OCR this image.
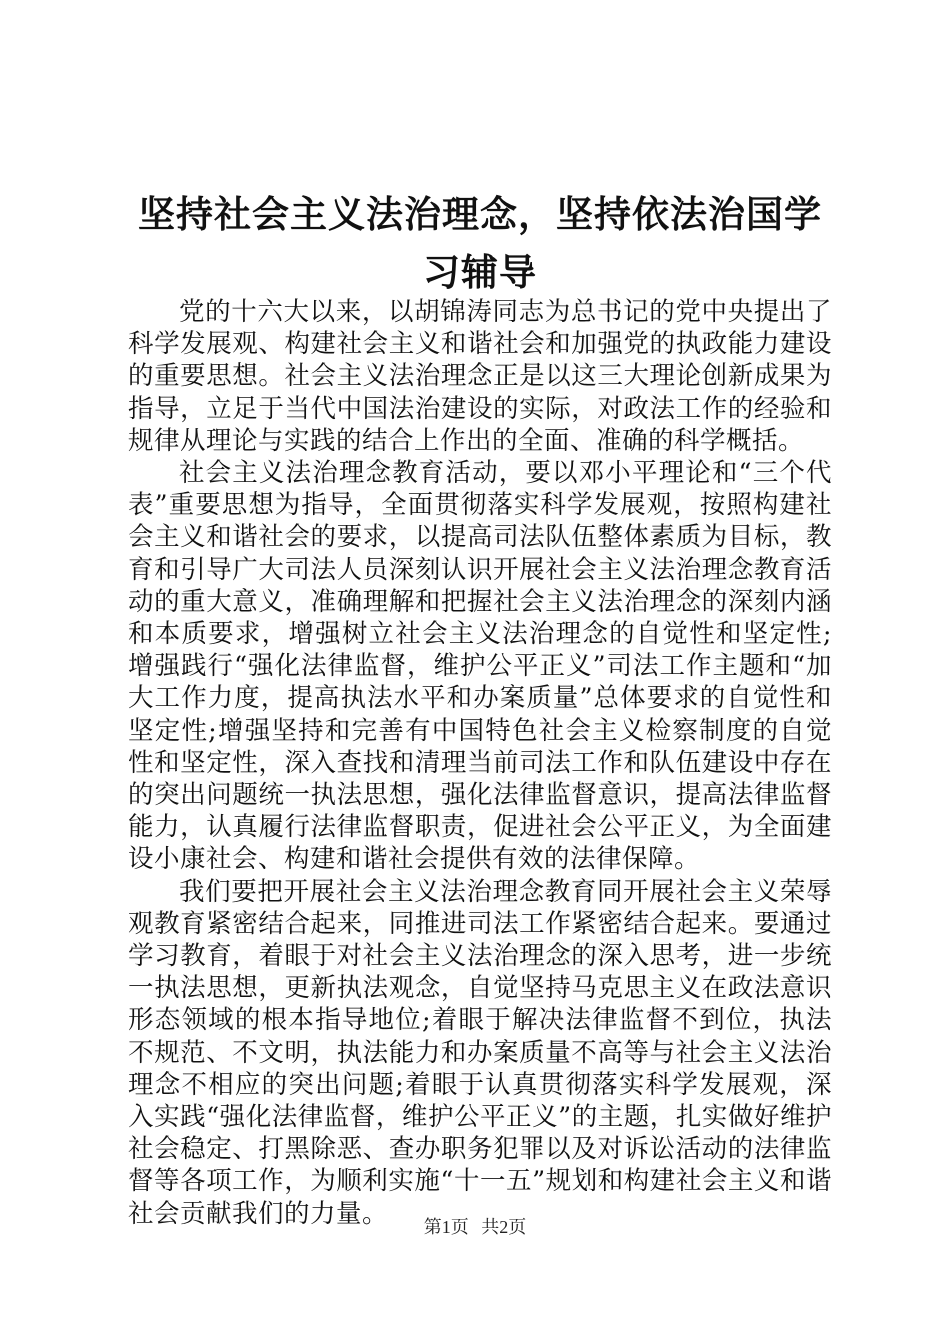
坚持社会主义法治理念，坚持依法治国学习辅导

党的十六大以来，以胡锦涛同志为总书记的党中央提出了科学发展观、构建社会主义和谐社会和加强党的执政能力建设的重要思想。社会主义法治理念正是以这三大理论创新成果为指导，立足于当代中国法治建设的实际，对政法工作的经验和规律从理论与实践的结合上作出的全面、准确的科学概括。

社会主义法治理念教育活动，要以邓小平理论和“三个代表”重要思想为指导，全面贯彻落实科学发展观，按照构建社会主义和谐社会的要求，以提高司法队伍整体素质为目标，教育和引导广大司法人员深刻认识开展社会主义法治理念教育活动的重大意义，准确理解和把握社会主义法治理念的深刻内涵和本质要求，增强树立社会主义法治理念的自觉性和坚定性;增强践行“强化法律监督，维护公平正义”司法工作主题和“加大工作力度，提高执法水平和办案质量”总体要求的自觉性和坚定性;增强坚持和完善有中国特色社会主义检察制度的自觉性和坚定性，深入查找和清理当前司法工作和队伍建设中存在的突出问题统一执法思想，强化法律监督意识，提高法律监督能力，认真履行法律监督职责，促进社会公平正义，为全面建设小康社会、构建和谐社会提供有效的法律保障。

我们要把开展社会主义法治理念教育同开展社会主义荣辱观教育紧密结合起来，同推进司法工作紧密结合起来。要通过学习教育，着眼于对社会主义法治理念的深入思考，进一步统一执法思想，更新执法观念，自觉坚持马克思主义在政法意识形态领域的根本指导地位;着眼于解决法律监督不到位，执法不规范、不文明，执法能力和办案质量不高等与社会主义法治理念不相应的突出问题;着眼于认真贯彻落实科学发展观，深入实践“强化法律监督，维护公平正义”的主题，扎实做好维护社会稳定、打黑除恶、查办职务犯罪以及对诉讼活动的法律监督等各项工作，为顺利实施“十一五”规划和构建社会主义和谐社会贡献我们的力量。	第1页 共2页
